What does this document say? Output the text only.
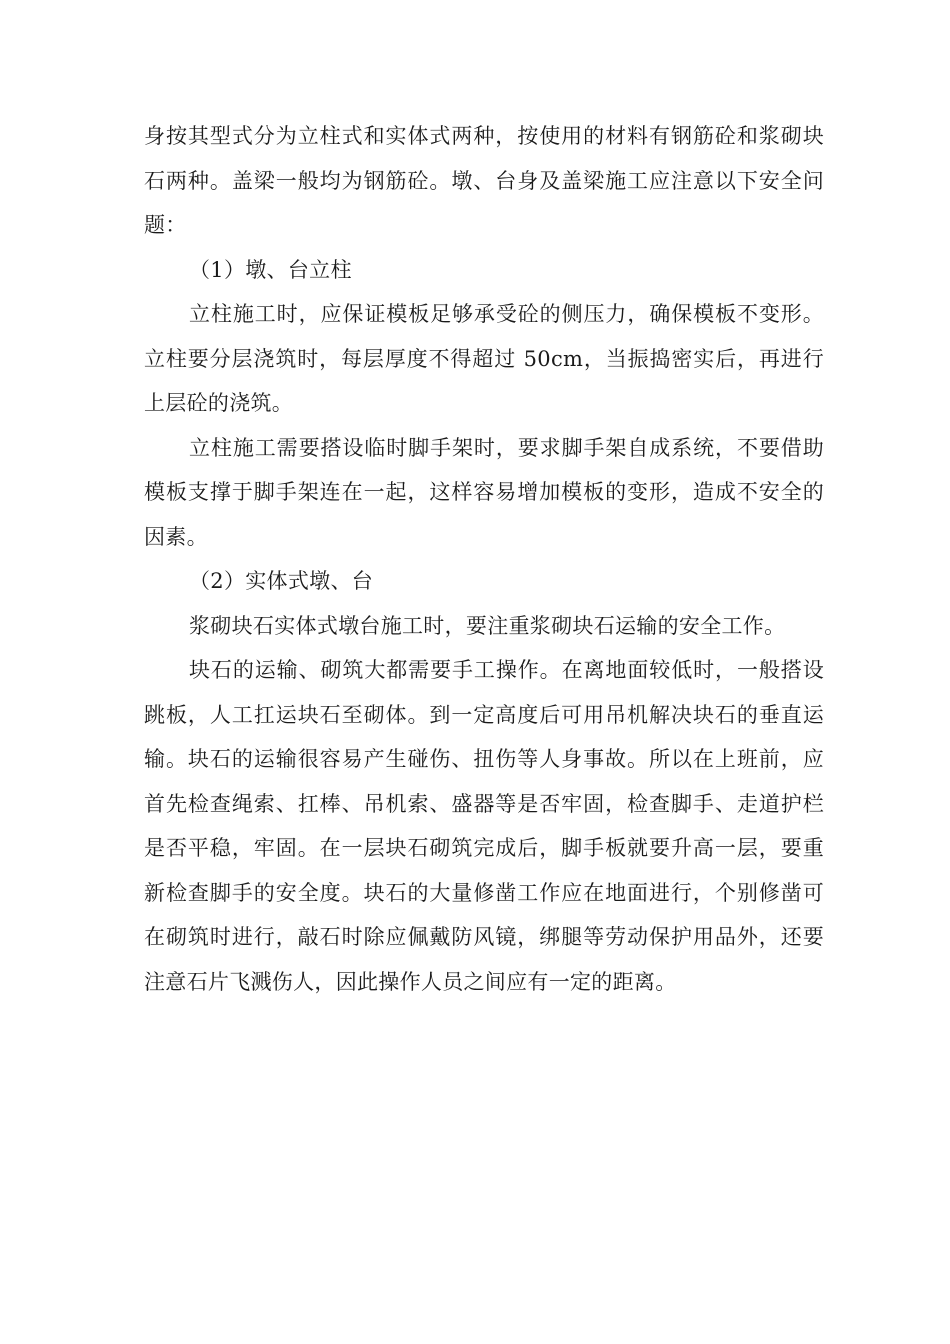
身按其型式分为立柱式和实体式两种，按使用的材料有钢筋砼和浆砌块石两种。盖梁一般均为钢筋砼。墩、台身及盖梁施工应注意以下安全问题：

（1）墩、台立柱

立柱施工时，应保证模板足够承受砼的侧压力，确保模板不变形。立柱要分层浇筑时，每层厚度不得超过 50cm，当振捣密实后，再进行上层砼的浇筑。

立柱施工需要搭设临时脚手架时，要求脚手架自成系统，不要借助模板支撑于脚手架连在一起，这样容易增加模板的变形，造成不安全的因素。

（2）实体式墩、台

浆砌块石实体式墩台施工时，要注重浆砌块石运输的安全工作。

块石的运输、砌筑大都需要手工操作。在离地面较低时，一般搭设跳板，人工扛运块石至砌体。到一定高度后可用吊机解决块石的垂直运输。块石的运输很容易产生碰伤、扭伤等人身事故。所以在上班前，应首先检查绳索、扛棒、吊机索、盛器等是否牢固，检查脚手、走道护栏是否平稳，牢固。在一层块石砌筑完成后，脚手板就要升高一层，要重新检查脚手的安全度。块石的大量修凿工作应在地面进行，个别修凿可在砌筑时进行，敲石时除应佩戴防风镜，绑腿等劳动保护用品外，还要注意石片飞溅伤人，因此操作人员之间应有一定的距离。
